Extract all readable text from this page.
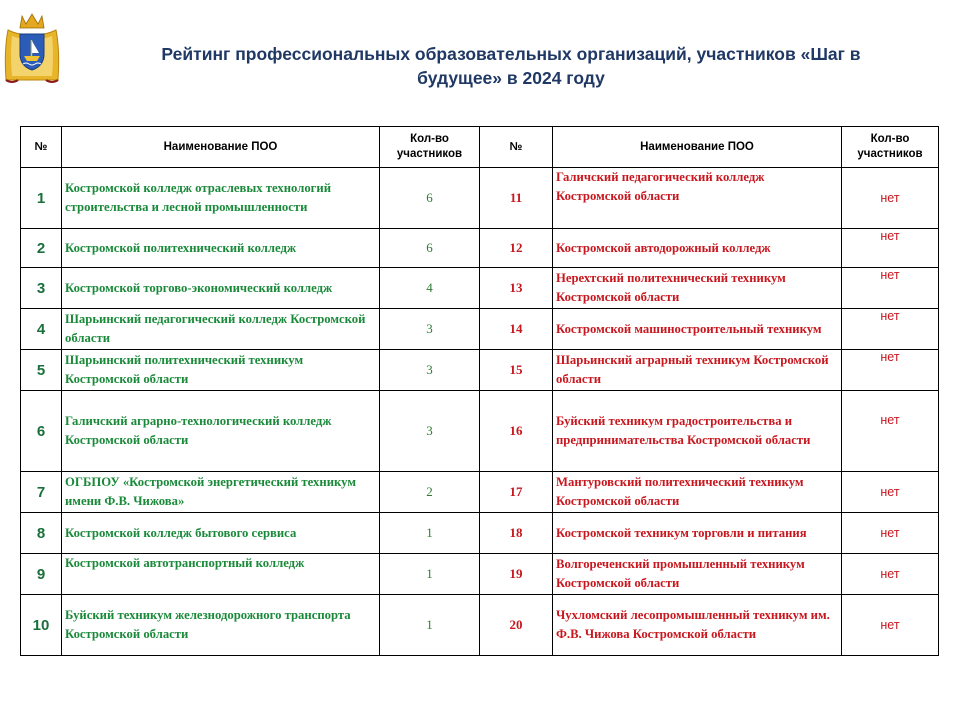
Рейтинг профессиональных образовательных организаций, участников «Шаг в
будущее» в 2024 году
№	Наименование ПОО	Кол-во участников	№	Наименование ПОО	Кол-во участников
1	Костромской колледж отраслевых технологий строительства и лесной промышленности	6	11	Галичский педагогический колледж Костромской области	нет
2	Костромской политехнический колледж	6	12	Костромской автодорожный колледж	нет
3	Костромской торгово-экономический колледж	4	13	Нерехтский политехнический техникум Костромской области	нет
4	Шарьинский педагогический колледж Костромской области	3	14	Костромской машиностроительный техникум	нет
5	Шарьинский политехнический техникум Костромской области	3	15	Шарьинский аграрный техникум Костромской области	нет
6	Галичский аграрно-технологический колледж Костромской области	3	16	Буйский техникум градостроительства и предпринимательства Костромской области	нет
7	ОГБПОУ «Костромской энергетический техникум имени Ф.В. Чижова»	2	17	Мантуровский политехнический техникум Костромской области	нет
8	Костромской колледж бытового сервиса	1	18	Костромской техникум торговли и питания	нет
9	Костромской автотранспортный колледж	1	19	Волгореченский промышленный техникум Костромской области	нет
10	Буйский техникум железнодорожного транспорта Костромской области	1	20	Чухломский лесопромышленный техникум им. Ф.В. Чижова Костромской области	нет
